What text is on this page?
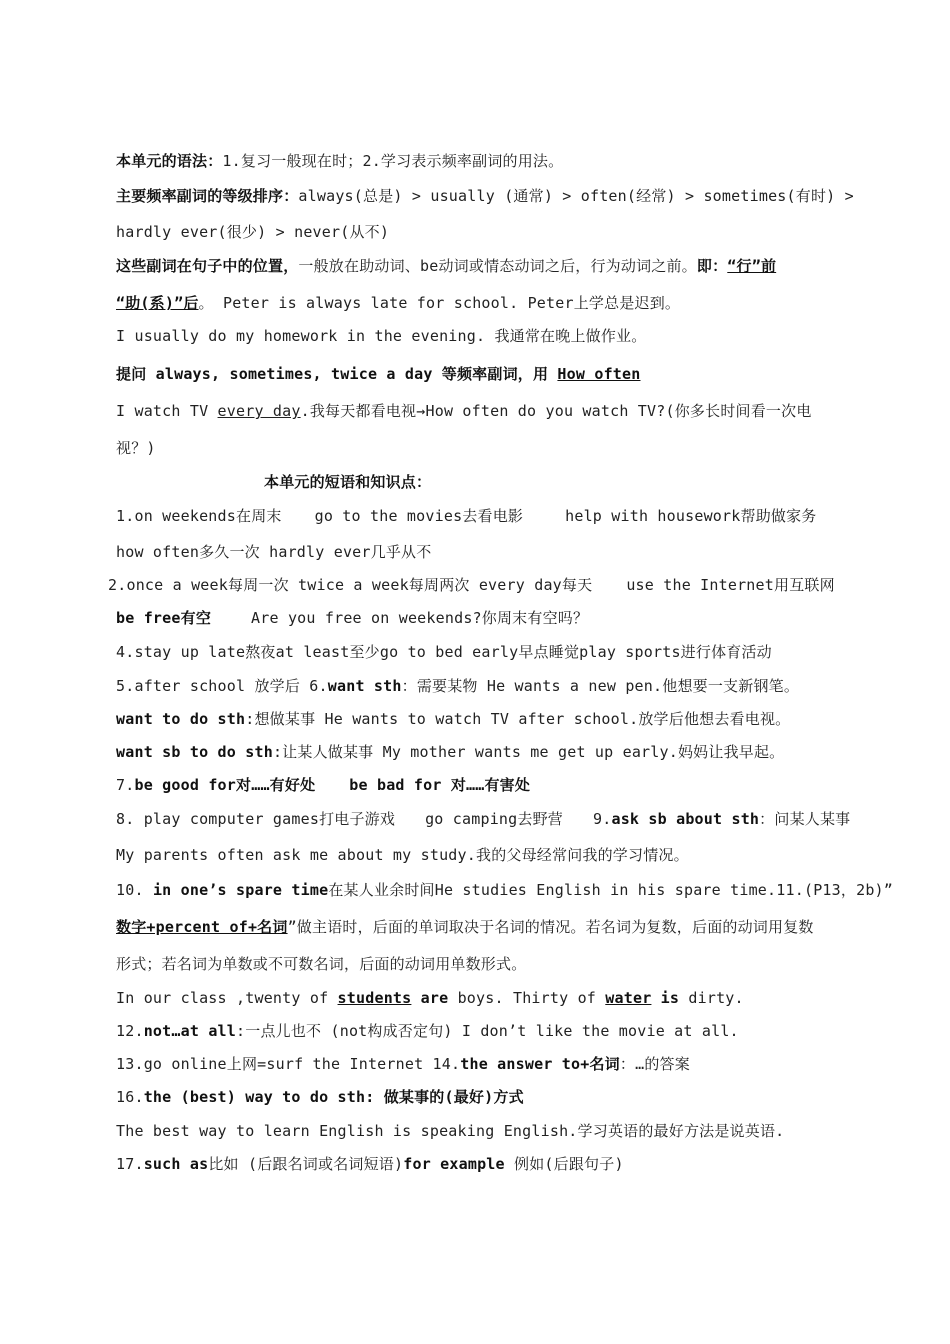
本单元的语法：1.复习一般现在时；2.学习表示频率副词的用法。
主要频率副词的等级排序：always(总是) > usually (通常) > often(经常) > sometimes(有时) >
hardly ever(很少) > never(从不)
这些副词在句子中的位置，一般放在助动词、be动词或情态动词之后，行为动词之前。即：“行”前
“助(系)”后。 Peter is always late for school. Peter上学总是迟到。
I usually do my homework in the evening. 我通常在晚上做作业。
提问 always, sometimes, twice a day 等频率副词，用 How often
I watch TV every day.我每天都看电视→How often do you watch TV?(你多长时间看一次电
视？)
本单元的短语和知识点：
1.on weekends在周末 go to the movies去看电影	help with housework帮助做家务
how often多久一次 hardly ever几乎从不
2.once a week每周一次 twice a week每周两次 every day每天 use the Internet用互联网
be free有空	Are you free on weekends?你周末有空吗？
4.stay up late熬夜at least至少go to bed early早点睡觉play sports进行体育活动
5.after school 放学后 6.want sth：需要某物 He wants a new pen.他想要一支新钢笔。
want to do sth:想做某事 He wants to watch TV after school.放学后他想去看电视。
want sb to do sth:让某人做某事 My mother wants me get up early.妈妈让我早起。
7.be good for对……有好处 be bad for 对……有害处
8. play computer games打电子游戏 go camping去野营 9.ask sb about sth：问某人某事
My parents often ask me about my study.我的父母经常问我的学习情况。
10. in one’s spare time在某人业余时间He studies English in his spare time.11.(P13，2b)”
数字+percent of+名词”做主语时，后面的单词取决于名词的情况。若名词为复数，后面的动词用复数
形式；若名词为单数或不可数名词，后面的动词用单数形式。
In our class ,twenty of students are boys. Thirty of water is dirty.
12.not…at all:一点儿也不 (not构成否定句) I don’t like the movie at all.
13.go online上网=surf the Internet 14.the answer to+名词：…的答案
16.the (best) way to do sth: 做某事的(最好)方式
The best way to learn English is speaking English.学习英语的最好方法是说英语.
17.such as比如 (后跟名词或名词短语)for example 例如(后跟句子)
